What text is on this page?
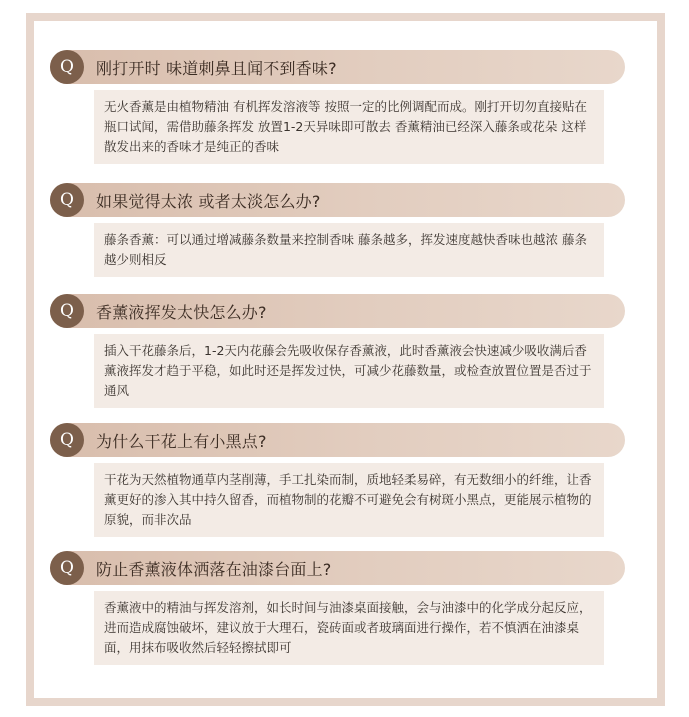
Q	刚打开时 味道刺鼻且闻不到香味?
无火香薰是由植物精油 有机挥发溶液等 按照一定的比例调配而成。刚打开切勿直接贴在瓶口试闻，需借助藤条挥发 放置1-2天异味即可散去 香薰精油已经深入藤条或花朵 这样散发出来的香味才是纯正的香味
Q	如果觉得太浓 或者太淡怎么办?
藤条香薰：可以通过增减藤条数量来控制香味 藤条越多，挥发速度越快香味也越浓 藤条越少则相反
Q	香薰液挥发太快怎么办?
插入干花藤条后，1-2天内花藤会先吸收保存香薰液，此时香薰液会快速减少吸收满后香薰液挥发才趋于平稳，如此时还是挥发过快，可减少花藤数量，或检查放置位置是否过于通风
Q	为什么干花上有小黑点?
干花为天然植物通草内茎削薄，手工扎染而制，质地轻柔易碎，有无数细小的纤维，让香薰更好的渗入其中持久留香，而植物制的花瓣不可避免会有树斑小黑点，更能展示植物的原貌，而非次品
Q	防止香薰液体洒落在油漆台面上?
香薰液中的精油与挥发溶剂，如长时间与油漆桌面接触，会与油漆中的化学成分起反应，进而造成腐蚀破坏，建议放于大理石，瓷砖面或者玻璃面进行操作，若不慎洒在油漆桌面，用抹布吸收然后轻轻擦拭即可
